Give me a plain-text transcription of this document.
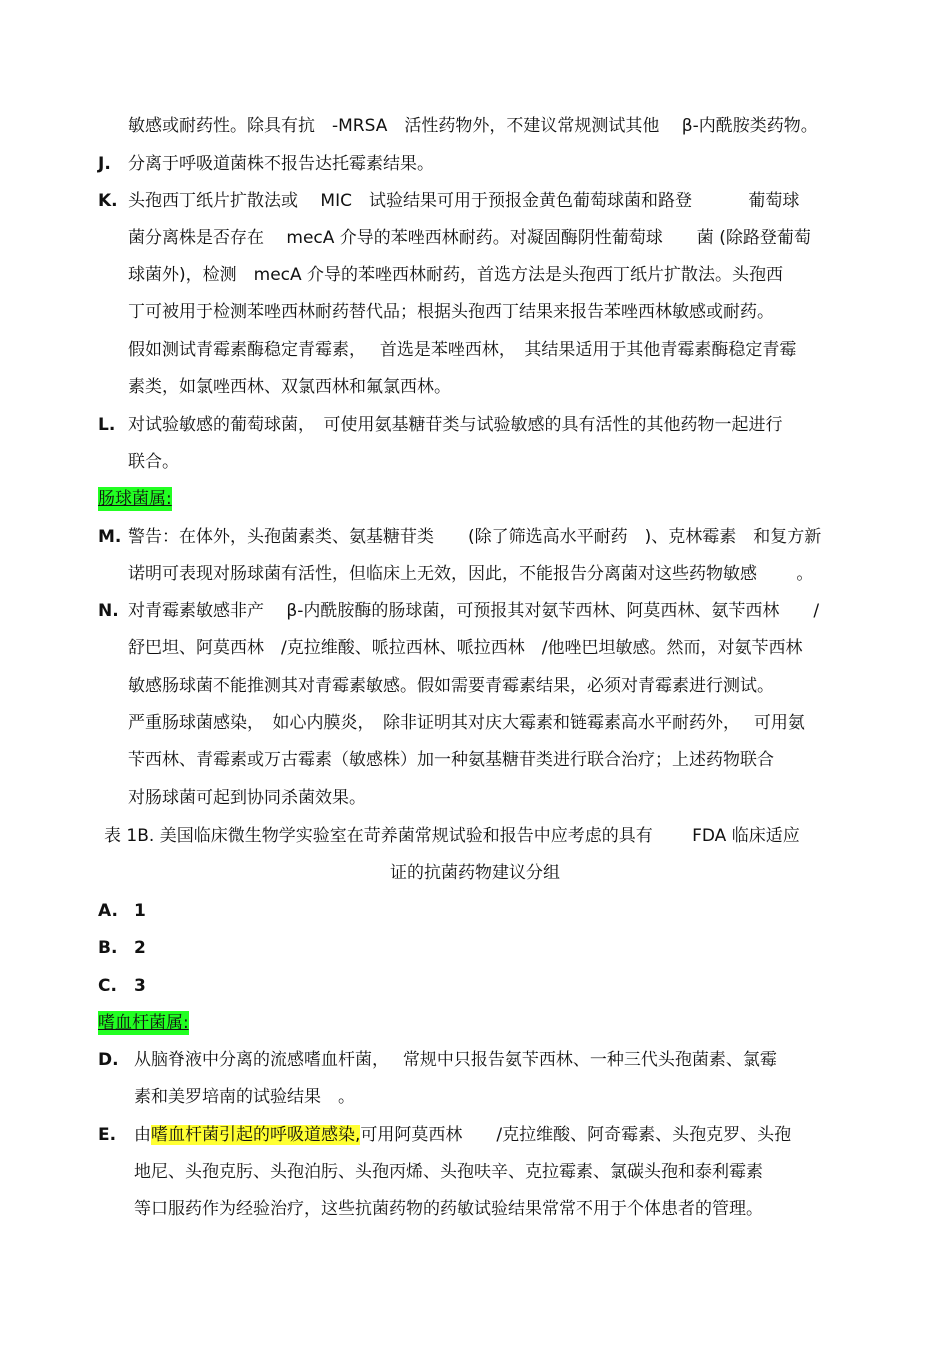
敏感或耐药性。除具有抗　-MRSA　活性药物外，不建议常规测试其他　 β-内酰胺类药物。
分离于呼吸道菌株不报告达托霉素结果。
头孢西丁纸片扩散法或　 MIC　试验结果可用于预报金黄色葡萄球菌和路登　　　 葡萄球
菌分离株是否存在　 mecA 介导的苯唑西林耐药。对凝固酶阴性葡萄球　　菌 (除路登葡萄
球菌外)，检测　mecA 介导的苯唑西林耐药，首选方法是头孢西丁纸片扩散法。头孢西
丁可被用于检测苯唑西林耐药替代品；根据头孢西丁结果来报告苯唑西林敏感或耐药。
假如测试青霉素酶稳定青霉素，　 首选是苯唑西林，　其结果适用于其他青霉素酶稳定青霉
素类，如氯唑西林、双氯西林和氟氯西林。
对试验敏感的葡萄球菌，　可使用氨基糖苷类与试验敏感的具有活性的其他药物一起进行
联合。
警告：在体外，头孢菌素类、氨基糖苷类　　(除了筛选高水平耐药　)、克林霉素　和复方新
诺明可表现对肠球菌有活性，但临床上无效，因此，不能报告分离菌对这些药物敏感　　 。
对青霉素敏感非产　 β-内酰胺酶的肠球菌，可预报其对氨苄西林、阿莫西林、氨苄西林　　/
舒巴坦、阿莫西林　/克拉维酸、哌拉西林、哌拉西林　/他唑巴坦敏感。然而，对氨苄西林
敏感肠球菌不能推测其对青霉素敏感。假如需要青霉素结果，必须对青霉素进行测试。
严重肠球菌感染，　如心内膜炎，　除非证明其对庆大霉素和链霉素高水平耐药外，　 可用氨
苄西林、青霉素或万古霉素（敏感株）加一种氨基糖苷类进行联合治疗；上述药物联合
对肠球菌可起到协同杀菌效果。
从脑脊液中分离的流感嗜血杆菌，　 常规中只报告氨苄西林、一种三代头孢菌素、氯霉
素和美罗培南的试验结果　。
地尼、头孢克肟、头孢泊肟、头孢丙烯、头孢呋辛、克拉霉素、氯碳头孢和泰利霉素
等口服药作为经验治疗，这些抗菌药物的药敏试验结果常常不用于个体患者的管理。
J.
K.
L.
M.
N.
A.
B.
C.
D.
E.
1
2
3
肠球菌属:
嗜血杆菌属:
表 1B. 美国临床微生物学实验室在苛养菌常规试验和报告中应考虑的具有　　 FDA 临床适应
证的抗菌药物建议分组
由嗜血杆菌引起的呼吸道感染,可用阿莫西林　　/克拉维酸、阿奇霉素、头孢克罗、头孢
